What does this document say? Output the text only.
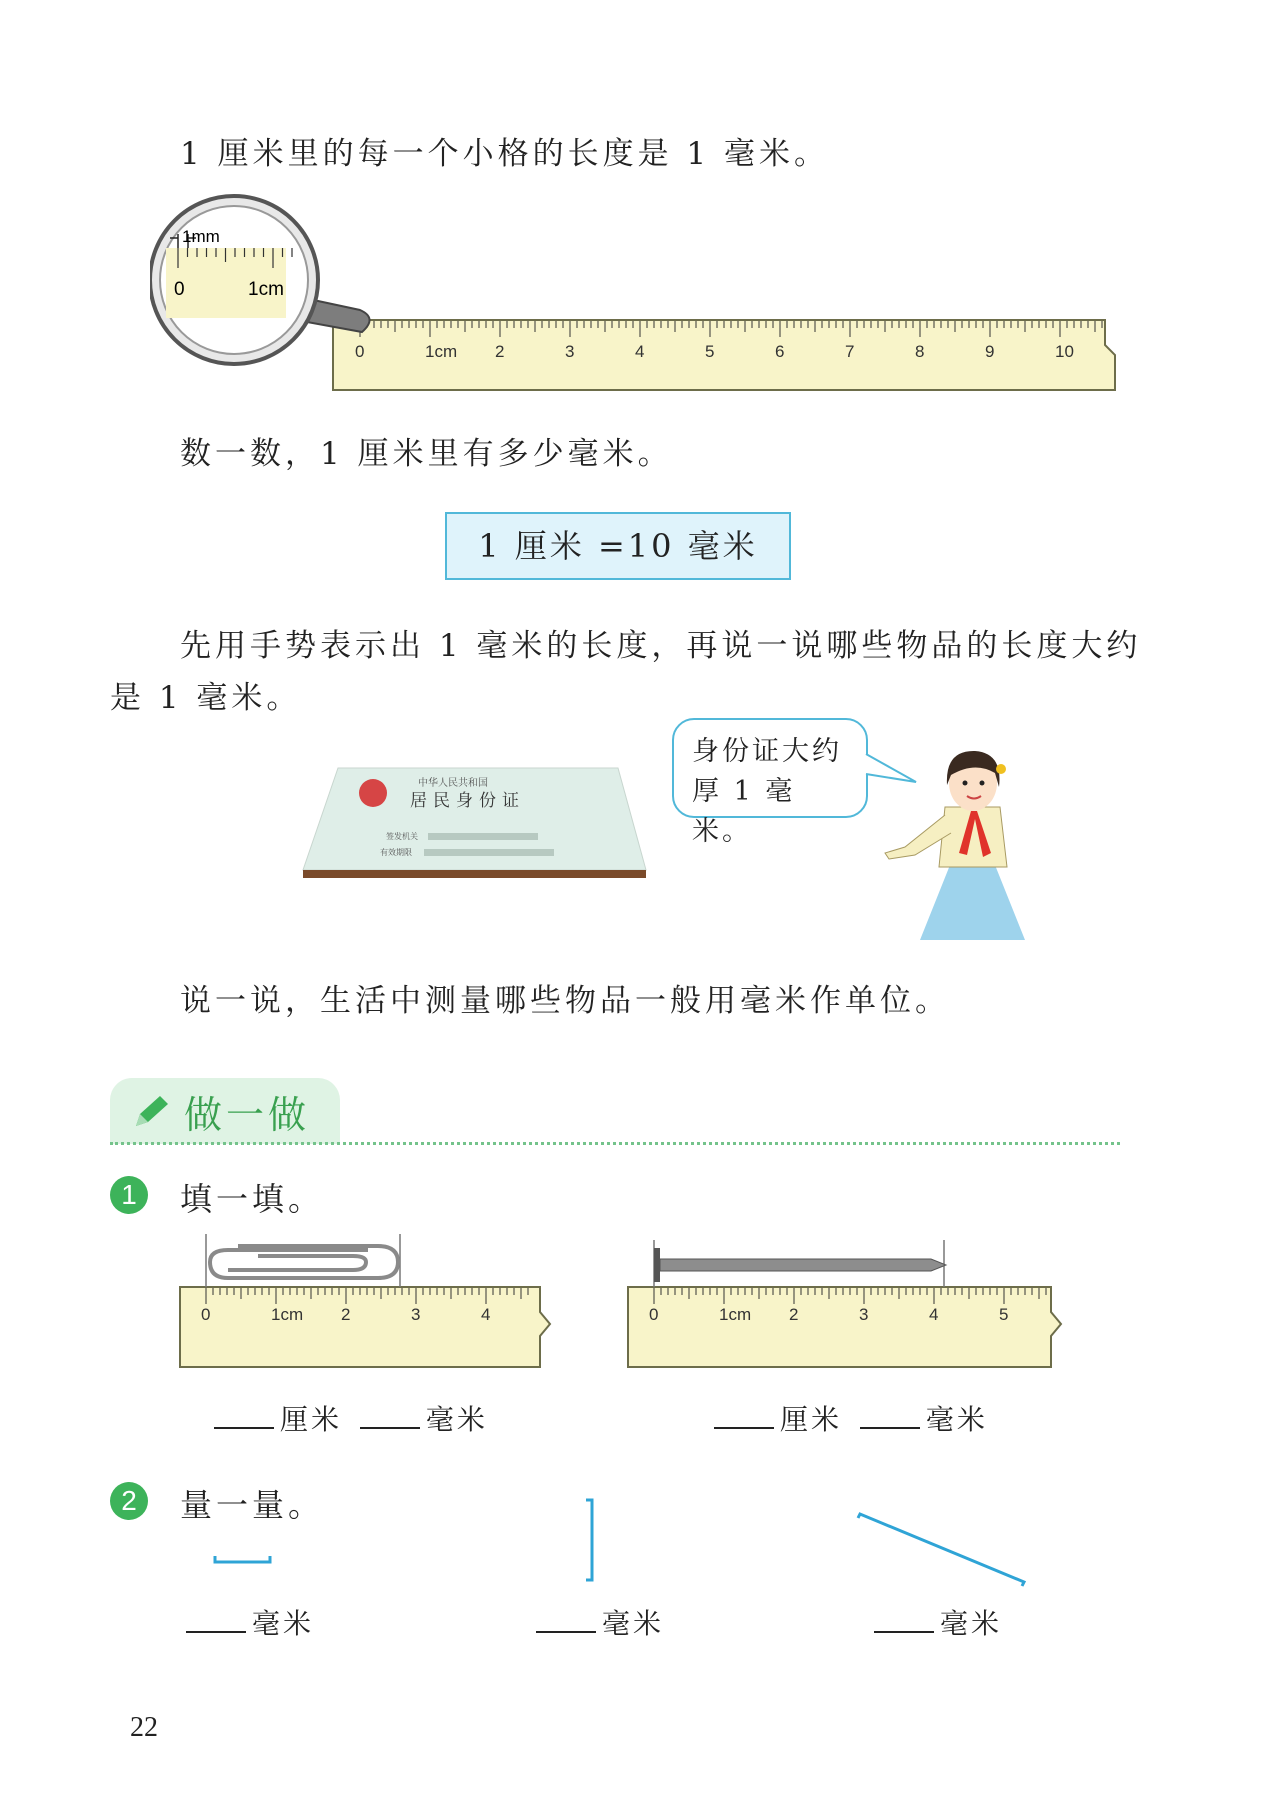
1 厘米里的每一个小格的长度是 1 毫米。
0	1cm 2	3	4	5	6	7	8	9	10
1mm
0	1cm
数一数，1 厘米里有多少毫米。
1 厘米 =10 毫米
先用手势表示出 1 毫米的长度，再说一说哪些物品的长度大约
是 1 毫米。
中华人民共和国
居民身份证
签发机关
有效期限
身份证大约
厚 1 毫米。
说一说，生活中测量哪些物品一般用毫米作单位。
做一做
1	填一填。
0	1cm 2	3	4	0	1cm 2	3	4	5
厘米	毫米	厘米	毫米
2	量一量。
毫米	毫米	毫米
22
